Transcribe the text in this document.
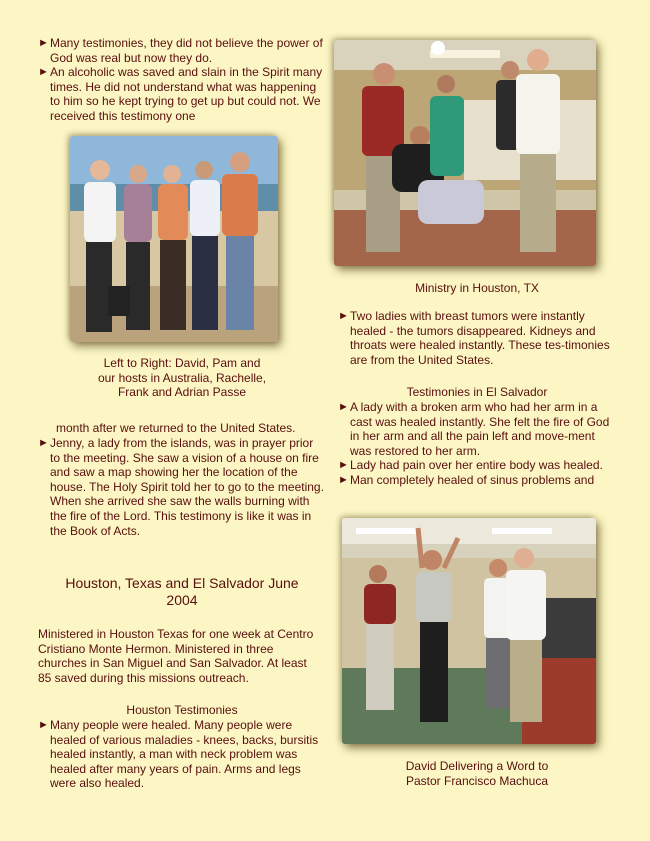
► Many testimonies, they did not believe the power of God was real but now they do.
► An alcoholic was saved and slain in the Spirit many times. He did not understand what was happening to him so he kept trying to get up but could not. We received this testimony one

Left to Right: David, Pam and

our hosts in Australia, Rachelle,

Frank and Adrian Passe

month after we returned to the United States.

► Jenny, a lady from the islands, was in prayer prior to the meeting. She saw a vision of a house on fire and saw a map showing her the location of the house. The Holy Spirit told her to go to the meeting. When she arrived she saw the walls burning with the fire of the Lord. This testimony is like it was in the Book of Acts.

Houston, Texas and El Salvador June

2004

Ministered in Houston Texas for one week at Centro Cristiano Monte Hermon. Ministered in three churches in San Miguel and San Salvador. At least 85 saved during this missions outreach.

Houston Testimonies

► Many people were healed. Many people were healed of various maladies - knees, backs, bursitis healed instantly, a man with neck problem was healed after many years of pain. Arms and legs were also healed.

Ministry in Houston, TX

► Two ladies with breast tumors were instantly healed - the tumors disappeared. Kidneys and throats were healed instantly. These tes-timonies are from the United States.

Testimonies in El Salvador

► A lady with a broken arm who had her arm in a cast was healed instantly. She felt the fire of God in her arm and all the pain left and move-ment was restored to her arm.
► Lady had pain over her entire body was healed.
► Man completely healed of sinus problems and

David Delivering a Word to

Pastor Francisco Machuca
